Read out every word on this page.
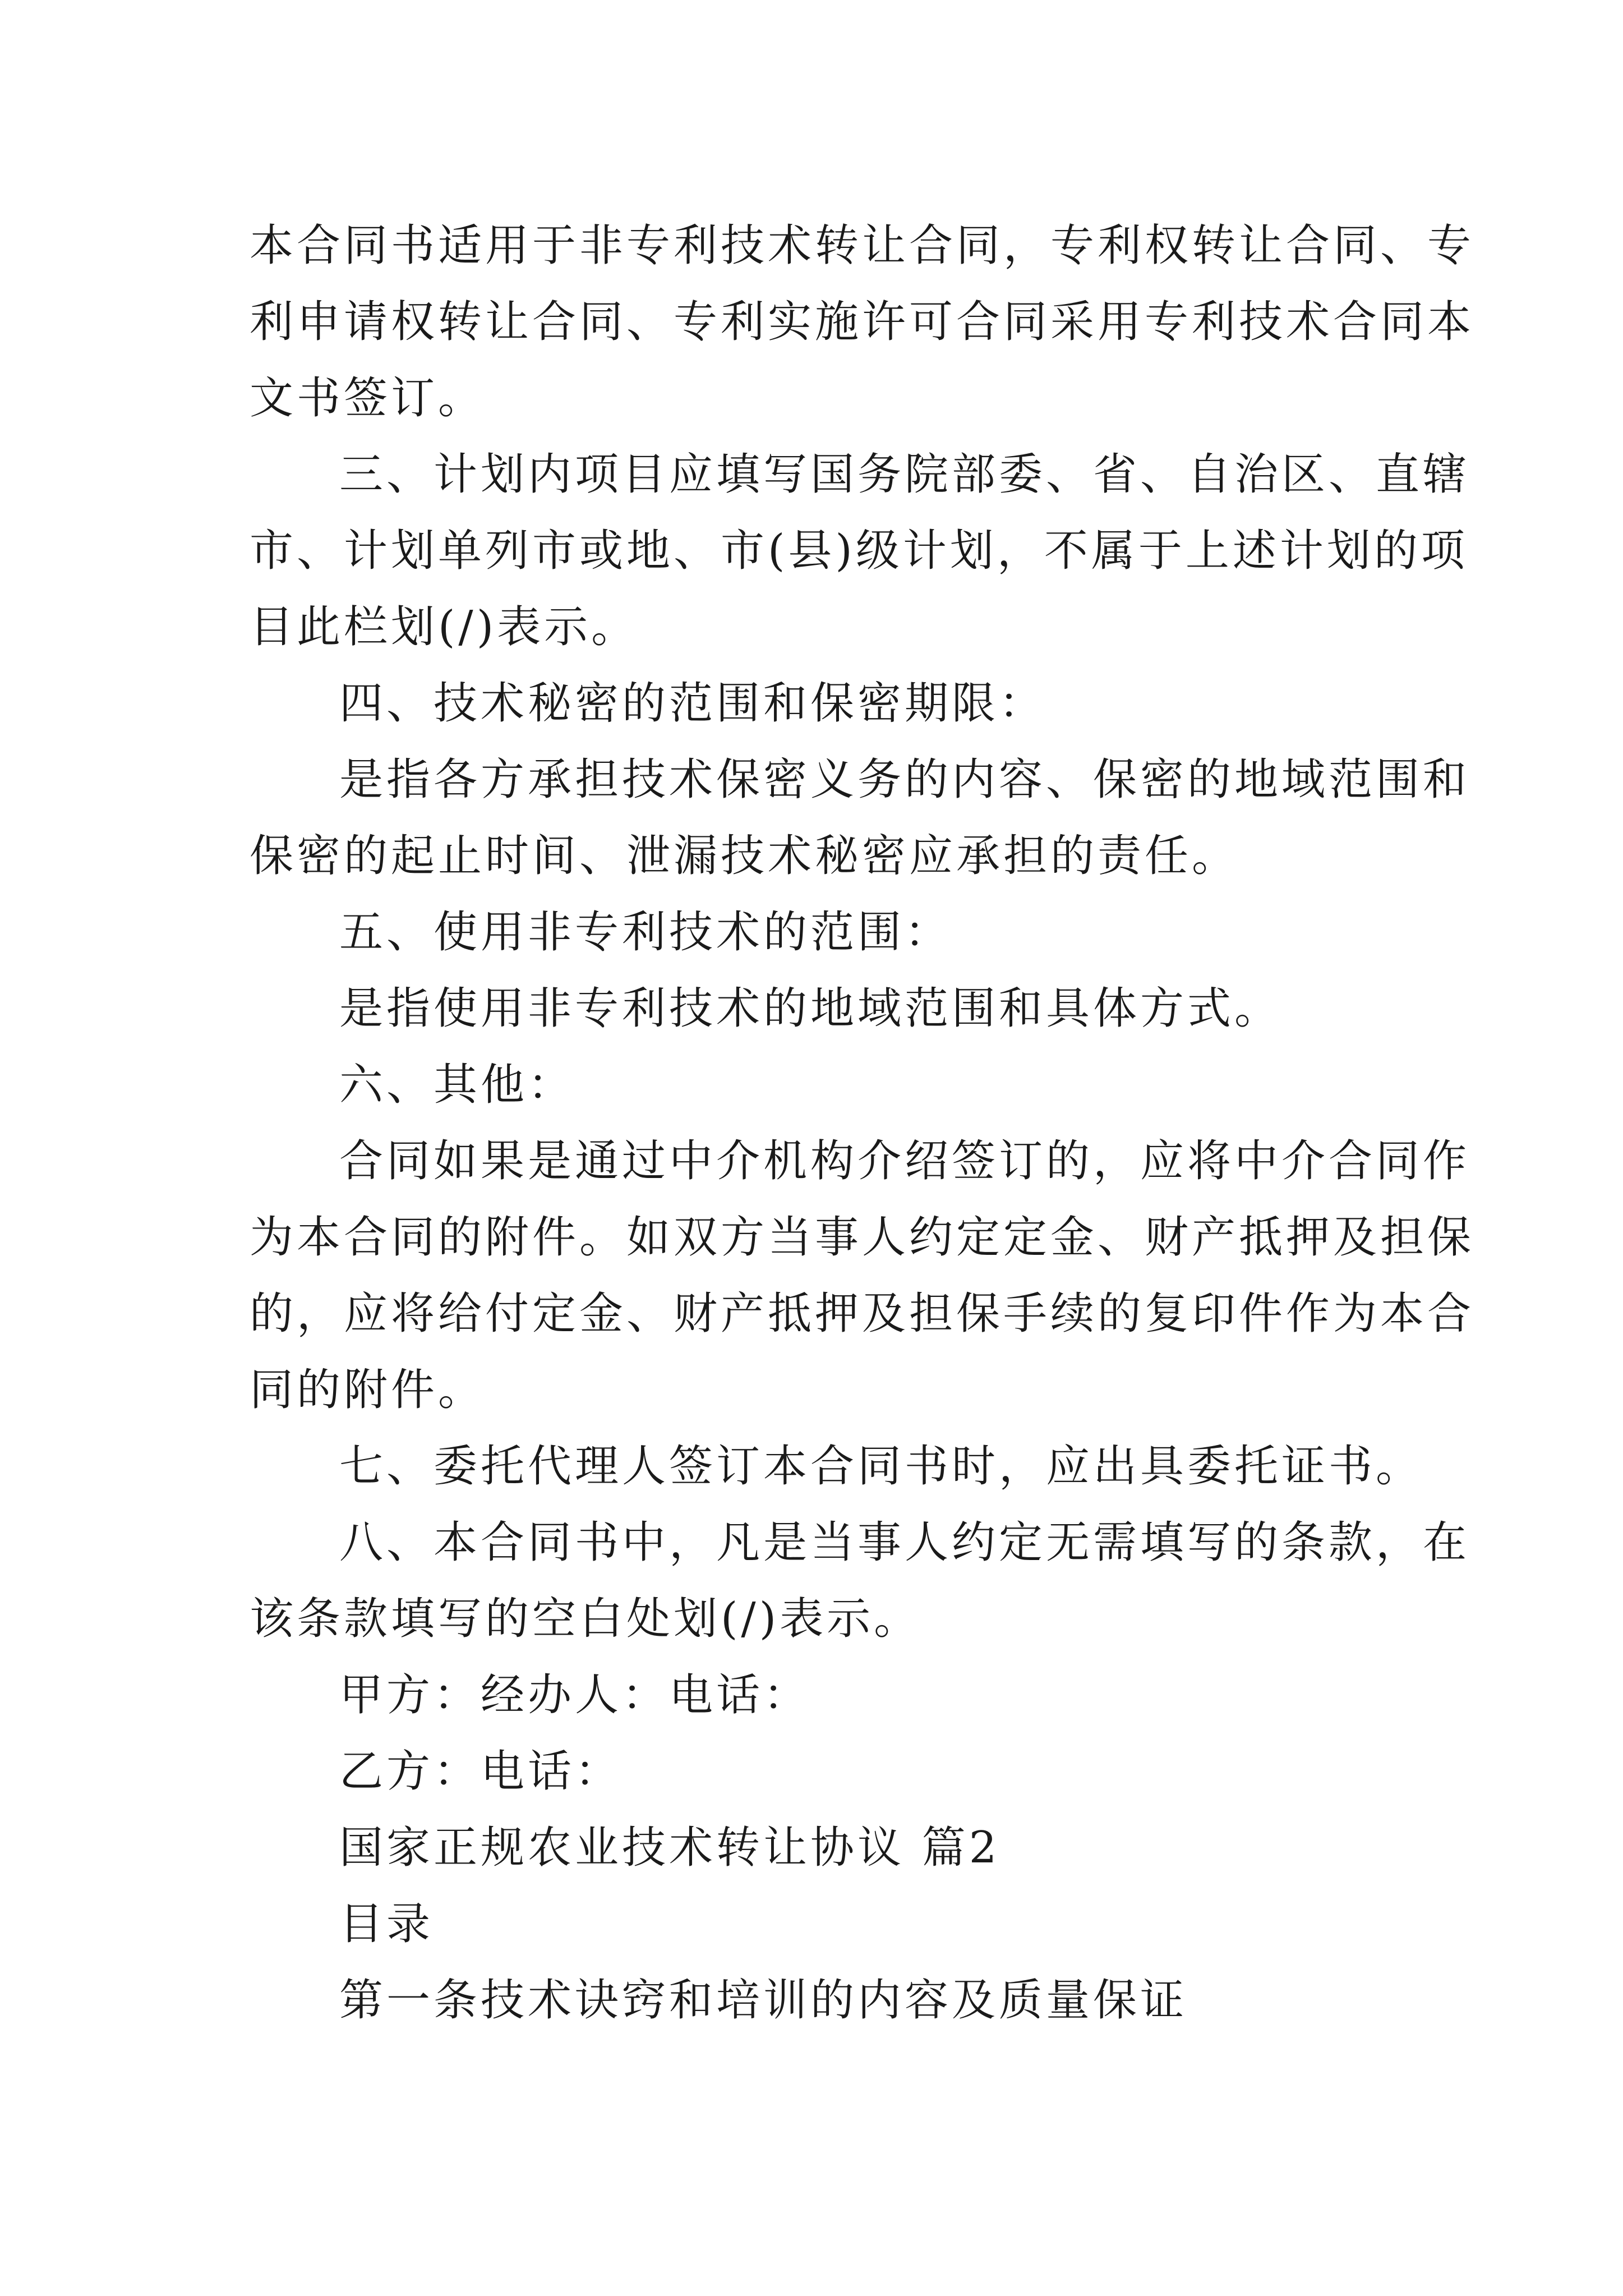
本合同书适用于非专利技术转让合同，专利权转让合同、专
利申请权转让合同、专利实施许可合同采用专利技术合同本
文书签订。

三、计划内项目应填写国务院部委、省、自治区、直辖
市、计划单列市或地、市(县)级计划，不属于上述计划的项
目此栏划(/)表示。

四、技术秘密的范围和保密期限：

是指各方承担技术保密义务的内容、保密的地域范围和
保密的起止时间、泄漏技术秘密应承担的责任。

五、使用非专利技术的范围：

是指使用非专利技术的地域范围和具体方式。

六、其他：

合同如果是通过中介机构介绍签订的，应将中介合同作
为本合同的附件。如双方当事人约定定金、财产抵押及担保
的，应将给付定金、财产抵押及担保手续的复印件作为本合
同的附件。

七、委托代理人签订本合同书时，应出具委托证书。

八、本合同书中，凡是当事人约定无需填写的条款，在
该条款填写的空白处划(/)表示。

甲方：经办人：电话：

乙方：电话：

国家正规农业技术转让协议 篇2

目录

第一条技术诀窍和培训的内容及质量保证
